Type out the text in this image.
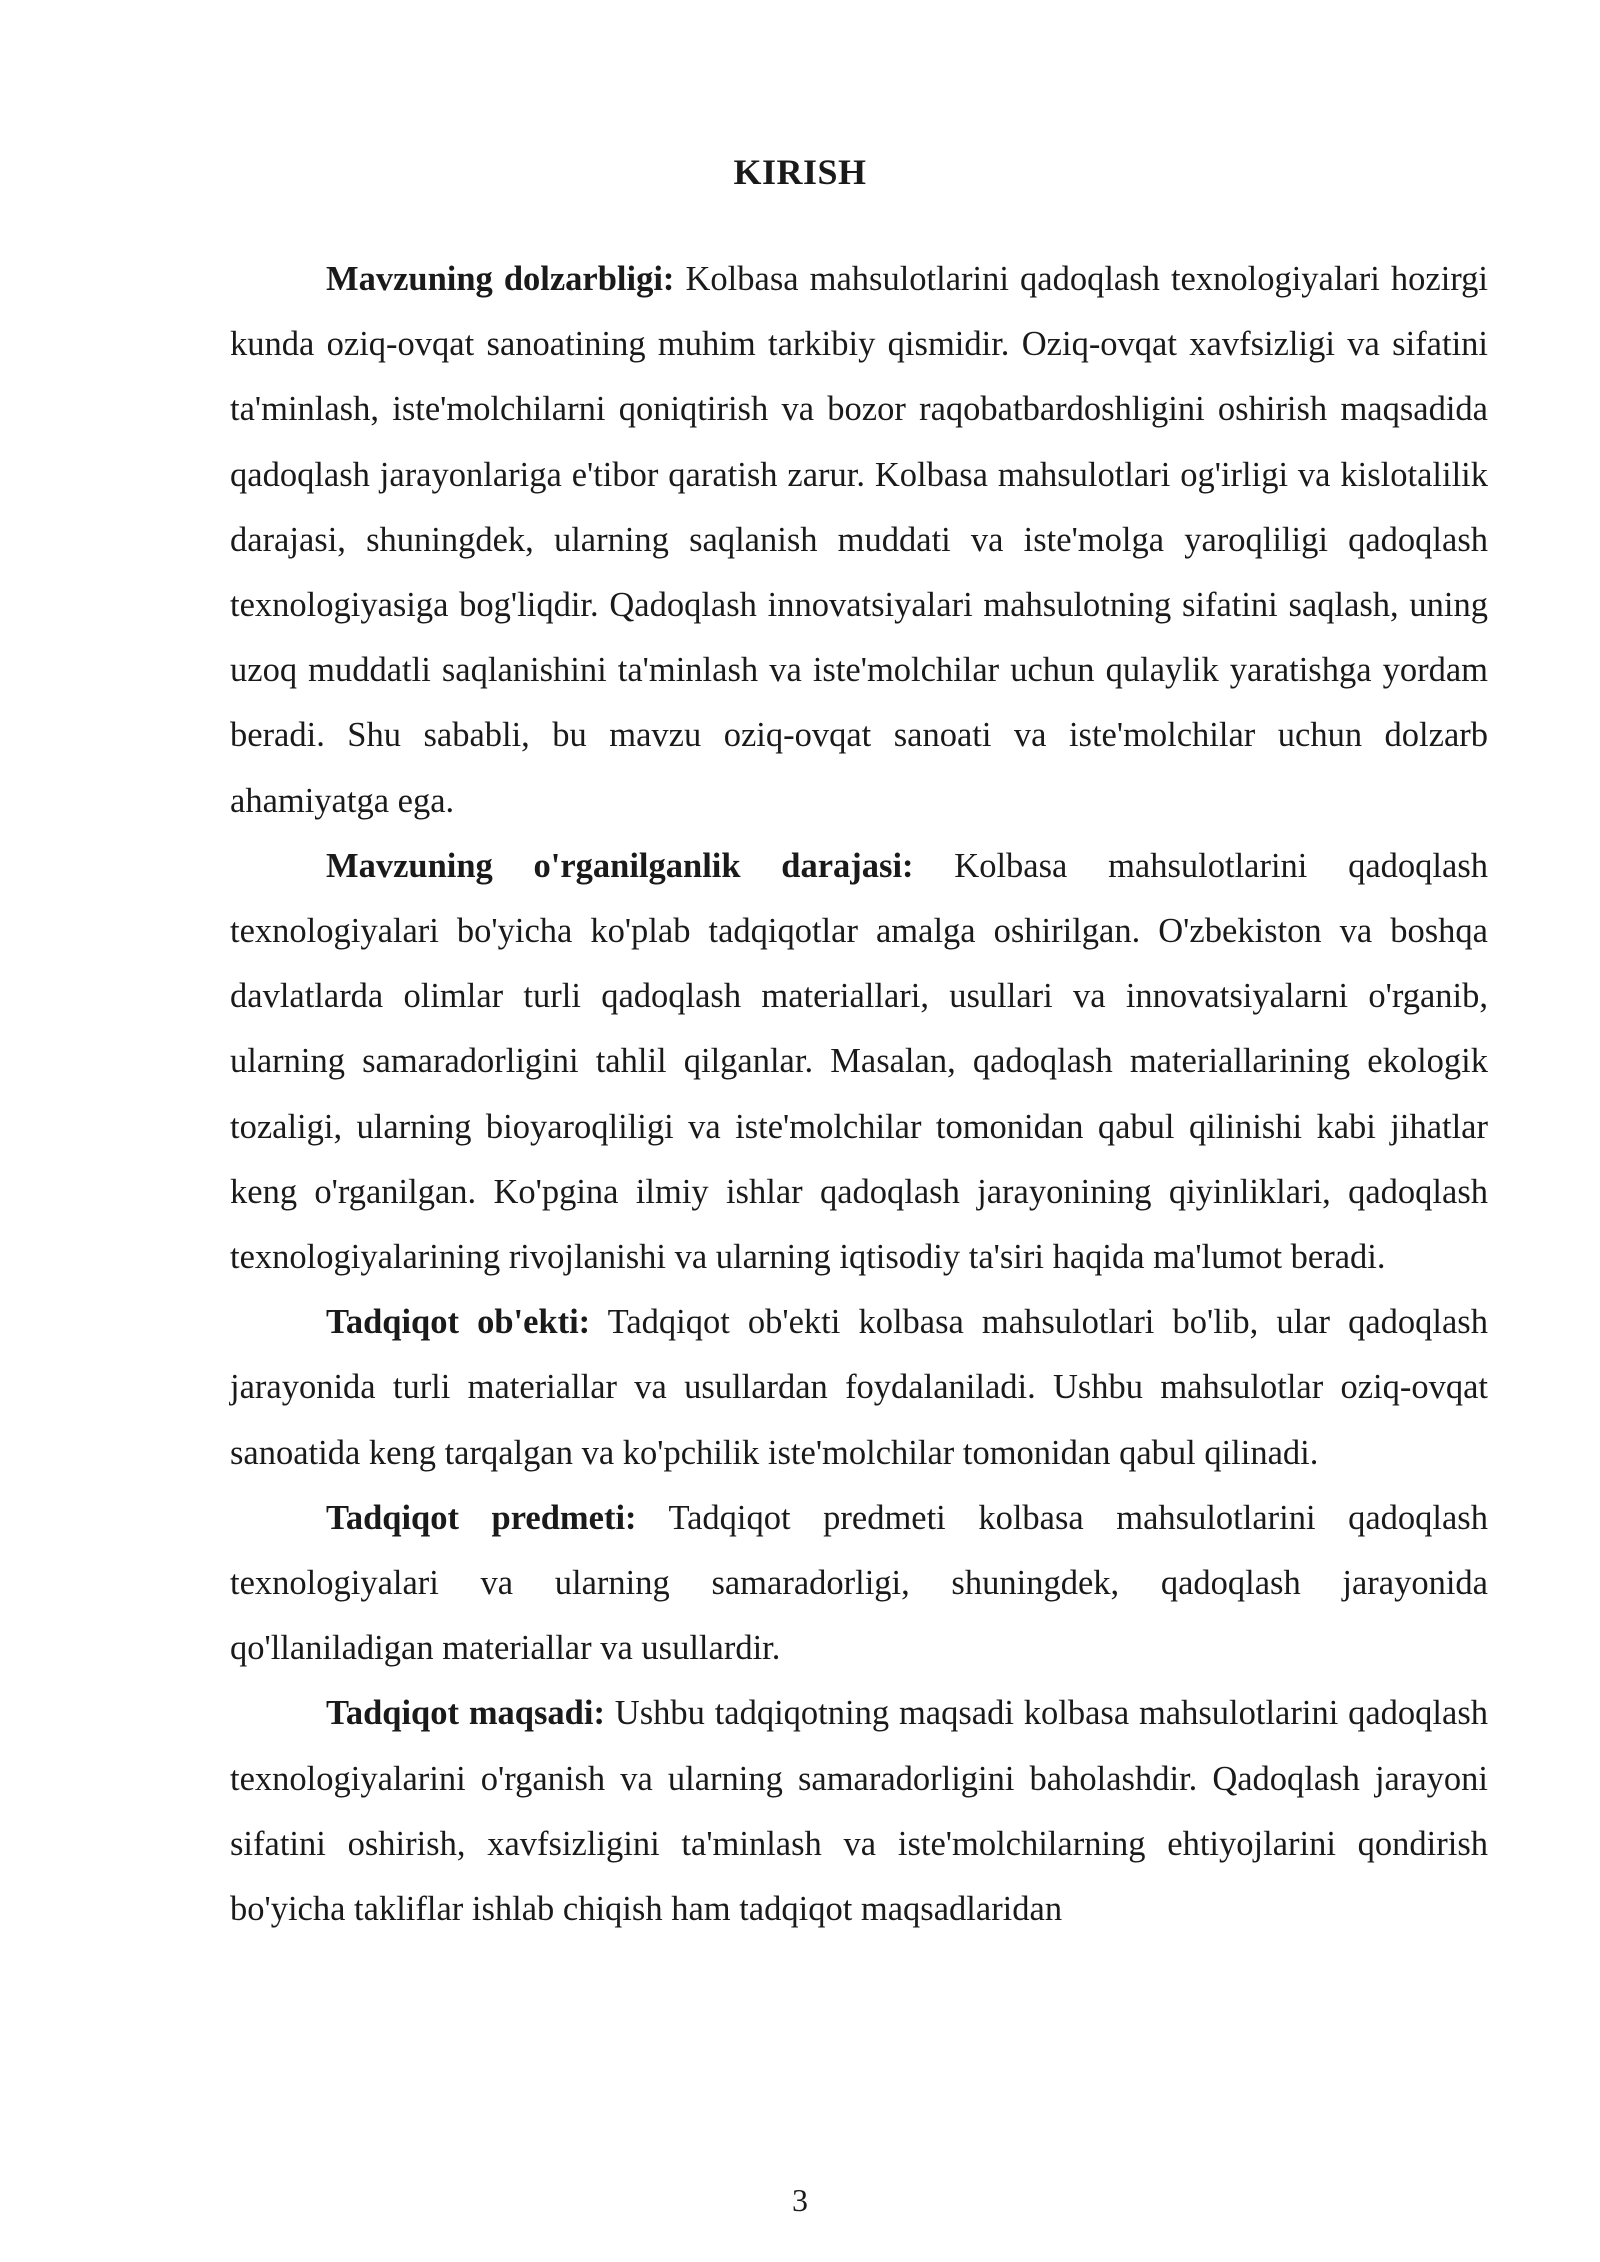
KIRISH

Mavzuning dolzarbligi: Kolbasa mahsulotlarini qadoqlash texnologiyalari hozirgi kunda oziq-ovqat sanoatining muhim tarkibiy qismidir. Oziq-ovqat xavfsizligi va sifatini ta'minlash, iste'molchilarni qoniqtirish va bozor raqobatbardoshligini oshirish maqsadida qadoqlash jarayonlariga e'tibor qaratish zarur. Kolbasa mahsulotlari og'irligi va kislotalilik darajasi, shuningdek, ularning saqlanish muddati va iste'molga yaroqliligi qadoqlash texnologiyasiga bog'liqdir. Qadoqlash innovatsiyalari mahsulotning sifatini saqlash, uning uzoq muddatli saqlanishini ta'minlash va iste'molchilar uchun qulaylik yaratishga yordam beradi. Shu sababli, bu mavzu oziq-ovqat sanoati va iste'molchilar uchun dolzarb ahamiyatga ega.

Mavzuning o'rganilganlik darajasi: Kolbasa mahsulotlarini qadoqlash texnologiyalari bo'yicha ko'plab tadqiqotlar amalga oshirilgan. O'zbekiston va boshqa davlatlarda olimlar turli qadoqlash materiallari, usullari va innovatsiyalarni o'rganib, ularning samaradorligini tahlil qilganlar. Masalan, qadoqlash materiallarining ekologik tozaligi, ularning bioyaroqliligi va iste'molchilar tomonidan qabul qilinishi kabi jihatlar keng o'rganilgan. Ko'pgina ilmiy ishlar qadoqlash jarayonining qiyinliklari, qadoqlash texnologiyalarining rivojlanishi va ularning iqtisodiy ta'siri haqida ma'lumot beradi.

Tadqiqot ob'ekti: Tadqiqot ob'ekti kolbasa mahsulotlari bo'lib, ular qadoqlash jarayonida turli materiallar va usullardan foydalaniladi. Ushbu mahsulotlar oziq-ovqat sanoatida keng tarqalgan va ko'pchilik iste'molchilar tomonidan qabul qilinadi.

Tadqiqot predmeti: Tadqiqot predmeti kolbasa mahsulotlarini qadoqlash texnologiyalari va ularning samaradorligi, shuningdek, qadoqlash jarayonida qo'llaniladigan materiallar va usullardir.

Tadqiqot maqsadi: Ushbu tadqiqotning maqsadi kolbasa mahsulotlarini qadoqlash texnologiyalarini o'rganish va ularning samaradorligini baholashdir. Qadoqlash jarayoni sifatini oshirish, xavfsizligini ta'minlash va iste'molchilarning ehtiyojlarini qondirish bo'yicha takliflar ishlab chiqish ham tadqiqot maqsadlaridan

3
